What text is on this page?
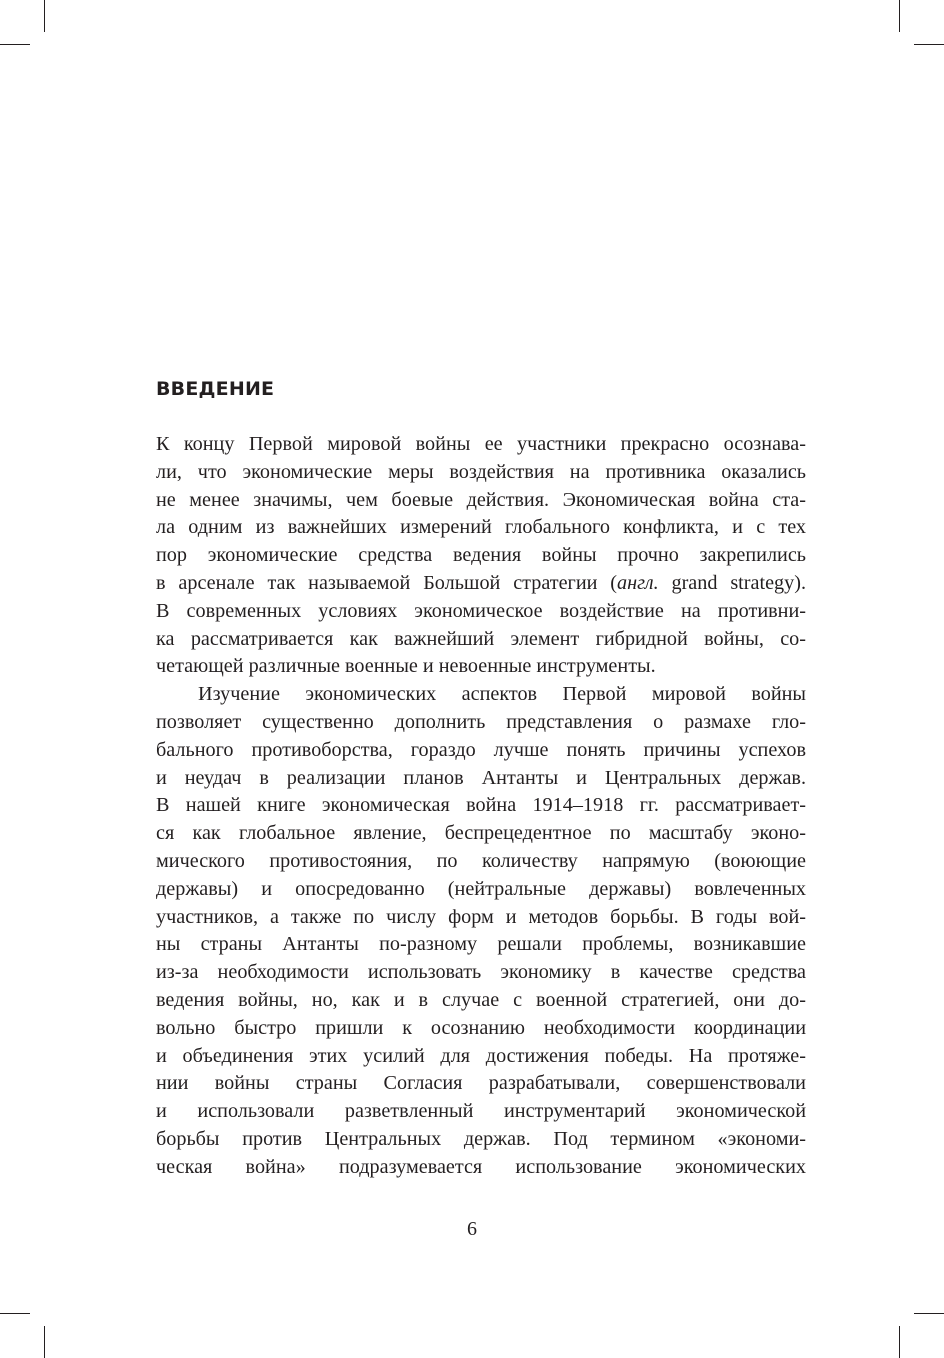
ВВЕДЕНИЕ
К концу Первой мировой войны ее участники прекрасно осознава-
ли, что экономические меры воздействия на противника оказались
не менее значимы, чем боевые действия. Экономическая война ста-
ла одним из важнейших измерений глобального конфликта, и с тех
пор экономические средства ведения войны прочно закрепились
в арсенале так называемой Большой стратегии (англ. grand strategy).
В современных условиях экономическое воздействие на противни-
ка рассматривается как важнейший элемент гибридной войны, со-
четающей различные военные и невоенные инструменты.
Изучение экономических аспектов Первой мировой войны
позволяет существенно дополнить представления о размахе гло-
бального противоборства, гораздо лучше понять причины успехов
и неудач в реализации планов Антанты и Центральных держав.
В нашей книге экономическая война 1914–1918 гг. рассматривает-
ся как глобальное явление, беспрецедентное по масштабу эконо-
мического противостояния, по количеству напрямую (воюющие
державы) и опосредованно (нейтральные державы) вовлеченных
участников, а также по числу форм и методов борьбы. В годы вой-
ны страны Антанты по-разному решали проблемы, возникавшие
из-за необходимости использовать экономику в качестве средства
ведения войны, но, как и в случае с военной стратегией, они до-
вольно быстро пришли к осознанию необходимости координации
и объединения этих усилий для достижения победы. На протяже-
нии войны страны Согласия разрабатывали, совершенствовали
и использовали разветвленный инструментарий экономической
борьбы против Центральных держав. Под термином «экономи-
ческая война» подразумевается использование экономических
6
